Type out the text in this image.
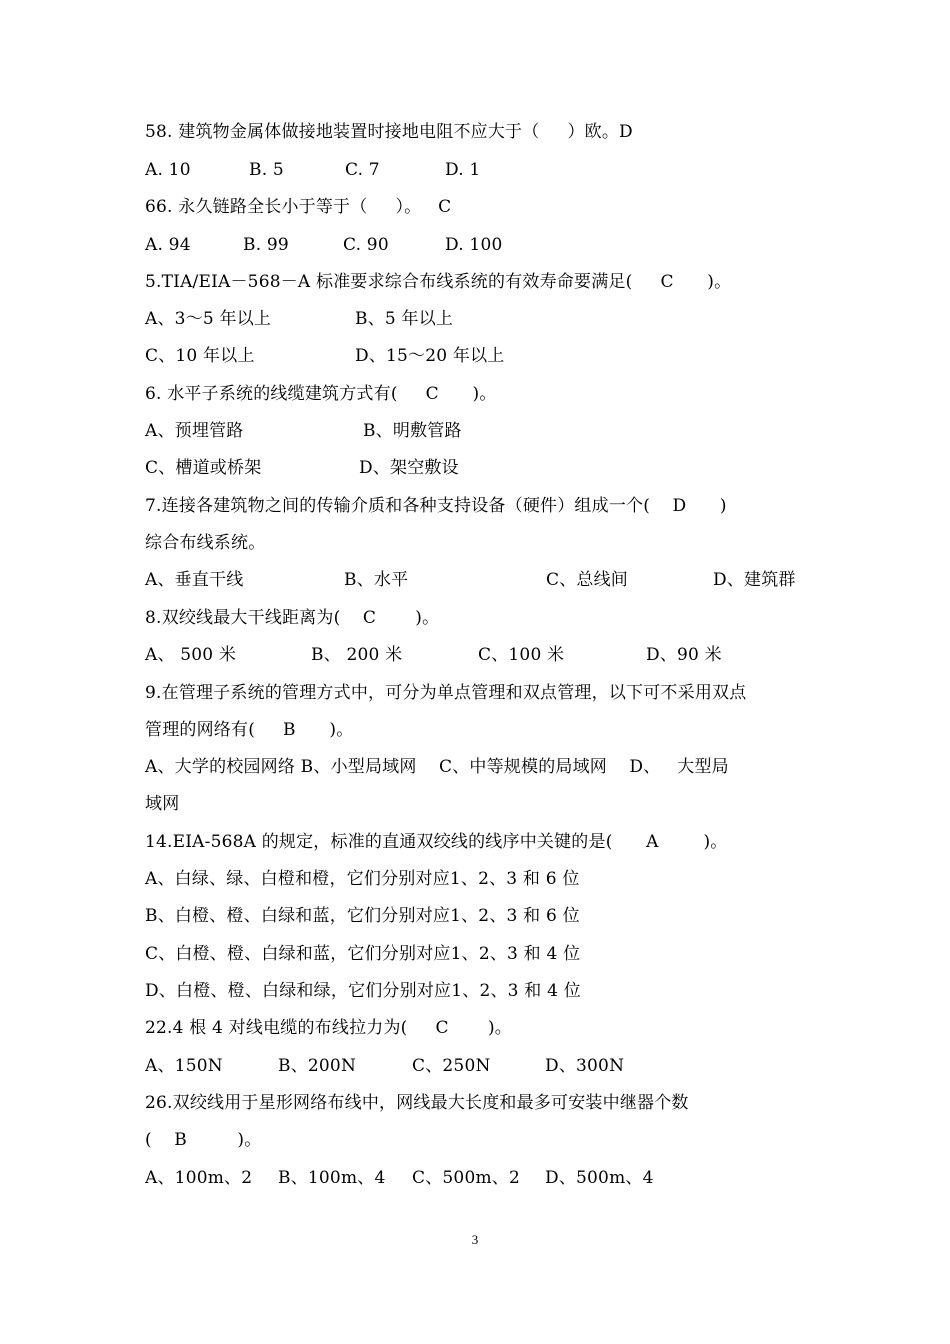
58. 建筑物金属体做接地装置时接地电阻不应大于（     ）欧。D

A. 10

	B. 5

	C. 7

	D. 1

66. 永久链路全长小于等于（     ）。   C

A. 94

	B. 99

	C. 90

	D. 100

5.TIA/EIA－568－A 标准要求综合布线系统的有效寿命要满足(     C      )。

A、3～5 年以上

	B、5 年以上

C、10 年以上

	D、15～20 年以上

6. 水平子系统的线缆建筑方式有(     C      )。

A、预埋管路

	B、明敷管路

C、槽道或桥架

	D、架空敷设

7.连接各建筑物之间的传输介质和各种支持设备（硬件）组成一个(    D      )
综合布线系统。

A、垂直干线

	B、水平

	C、总线间

	D、建筑群

8.双绞线最大干线距离为(    C       )。

A、 500 米

	B、 200 米

	C、100 米

	D、90 米

9.在管理子系统的管理方式中，可分为单点管理和双点管理，以下可不采用双点
管理的网络有(     B      )。
A、大学的校园网络 B、小型局域网    C、中等规模的局域网    D、   大型局
域网
14.EIA-568A 的规定，标准的直通双绞线的线序中关键的是(      A        )。
A、白绿、绿、白橙和橙，它们分别对应1、2、3 和 6 位
B、白橙、橙、白绿和蓝，它们分别对应1、2、3 和 6 位
C、白橙、橙、白绿和蓝，它们分别对应1、2、3 和 4 位
D、白橙、橙、白绿和绿，它们分别对应1、2、3 和 4 位
22.4 根 4 对线电缆的布线拉力为(     C       )。

A、150N

	B、200N

	C、250N

	D、300N

26.双绞线用于星形网络布线中，网线最大长度和最多可安装中继器个数
(    B         )。

A、100m、2

B、100m、4

C、500m、2

D、500m、4

3
